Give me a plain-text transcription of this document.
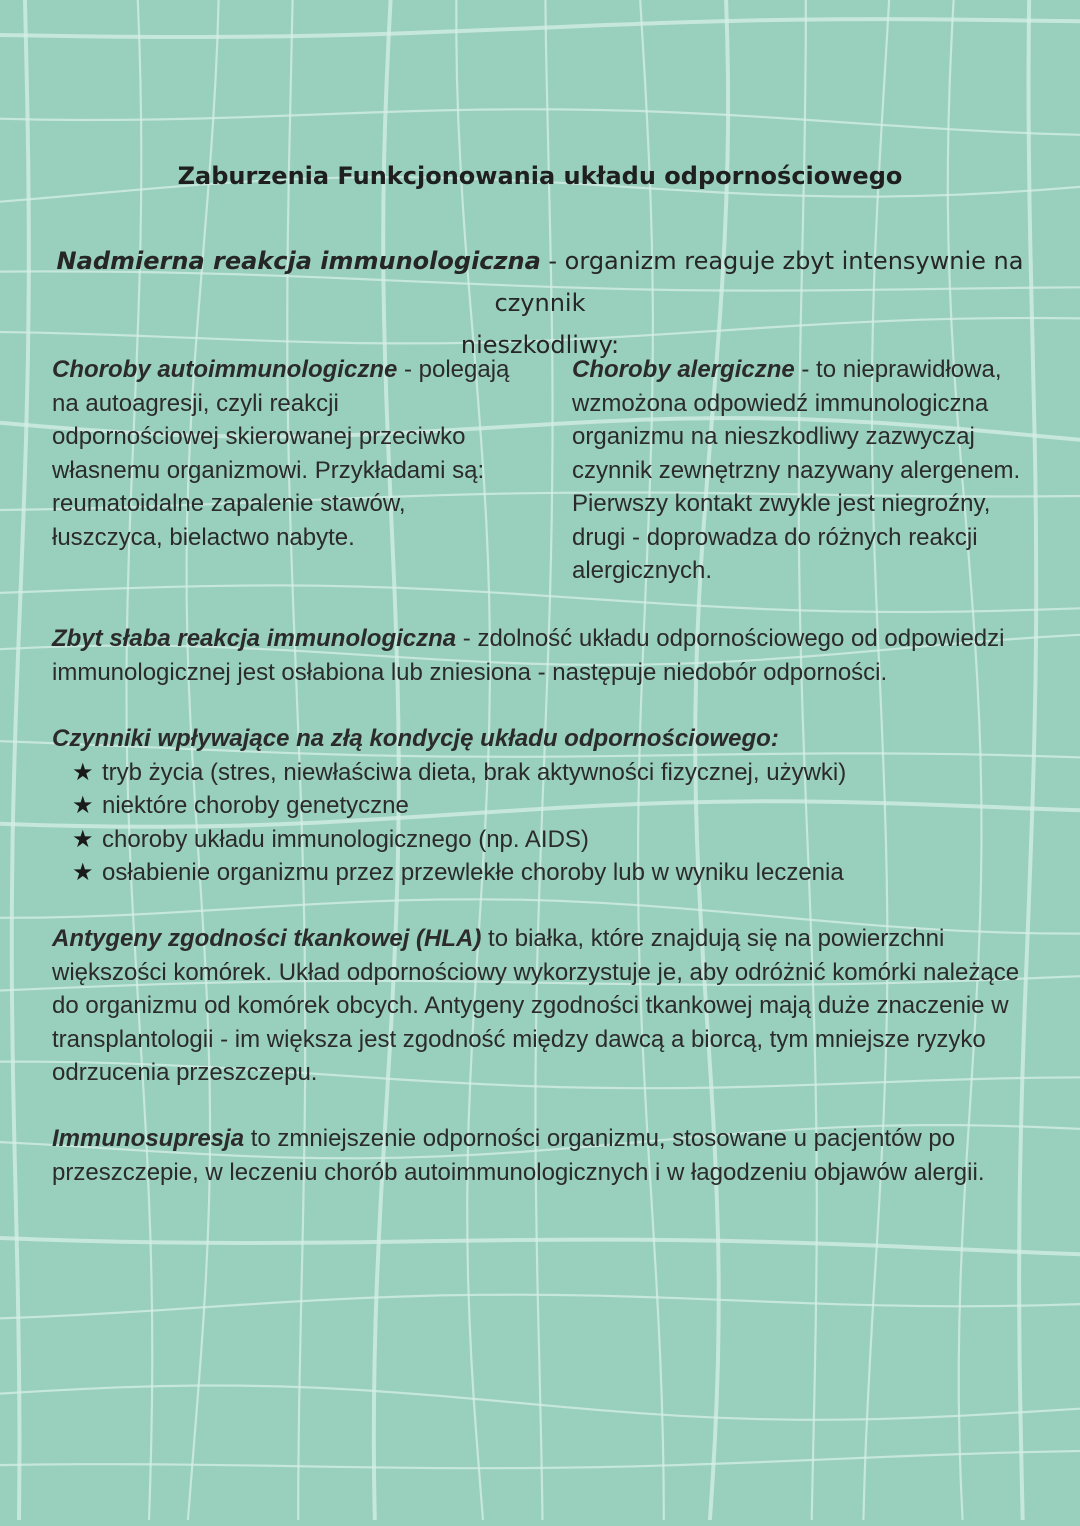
Zaburzenia Funkcjonowania układu odpornościowego
Nadmierna reakcja immunologiczna - organizm reaguje zbyt intensywnie na czynnik
nieszkodliwy:

Choroby autoimmunologiczne - polegają na autoagresji, czyli reakcji odpornościowej skierowanej przeciwko własnemu organizmowi. Przykładami są: reumatoidalne zapalenie stawów, łuszczyca, bielactwo nabyte.

Choroby alergiczne - to nieprawidłowa, wzmożona odpowiedź immunologiczna organizmu na nieszkodliwy zazwyczaj czynnik zewnętrzny nazywany alergenem. Pierwszy kontakt zwykle jest niegroźny, drugi - doprowadza do różnych reakcji alergicznych.

Zbyt słaba reakcja immunologiczna - zdolność układu odpornościowego od odpowiedzi immunologicznej jest osłabiona lub zniesiona - następuje niedobór odporności.

Czynniki wpływające na złą kondycję układu odpornościowego:

★ tryb życia (stres, niewłaściwa dieta, brak aktywności fizycznej, używki)
★ niektóre choroby genetyczne
★ choroby układu immunologicznego (np. AIDS)
★ osłabienie organizmu przez przewlekłe choroby lub w wyniku leczenia

Antygeny zgodności tkankowej (HLA) to białka, które znajdują się na powierzchni większości komórek. Układ odpornościowy wykorzystuje je, aby odróżnić komórki należące do organizmu od komórek obcych. Antygeny zgodności tkankowej mają duże znaczenie w transplantologii - im większa jest zgodność między dawcą a biorcą, tym mniejsze ryzyko odrzucenia przeszczepu.

Immunosupresja to zmniejszenie odporności organizmu, stosowane u pacjentów po przeszczepie, w leczeniu chorób autoimmunologicznych i w łagodzeniu objawów alergii.
